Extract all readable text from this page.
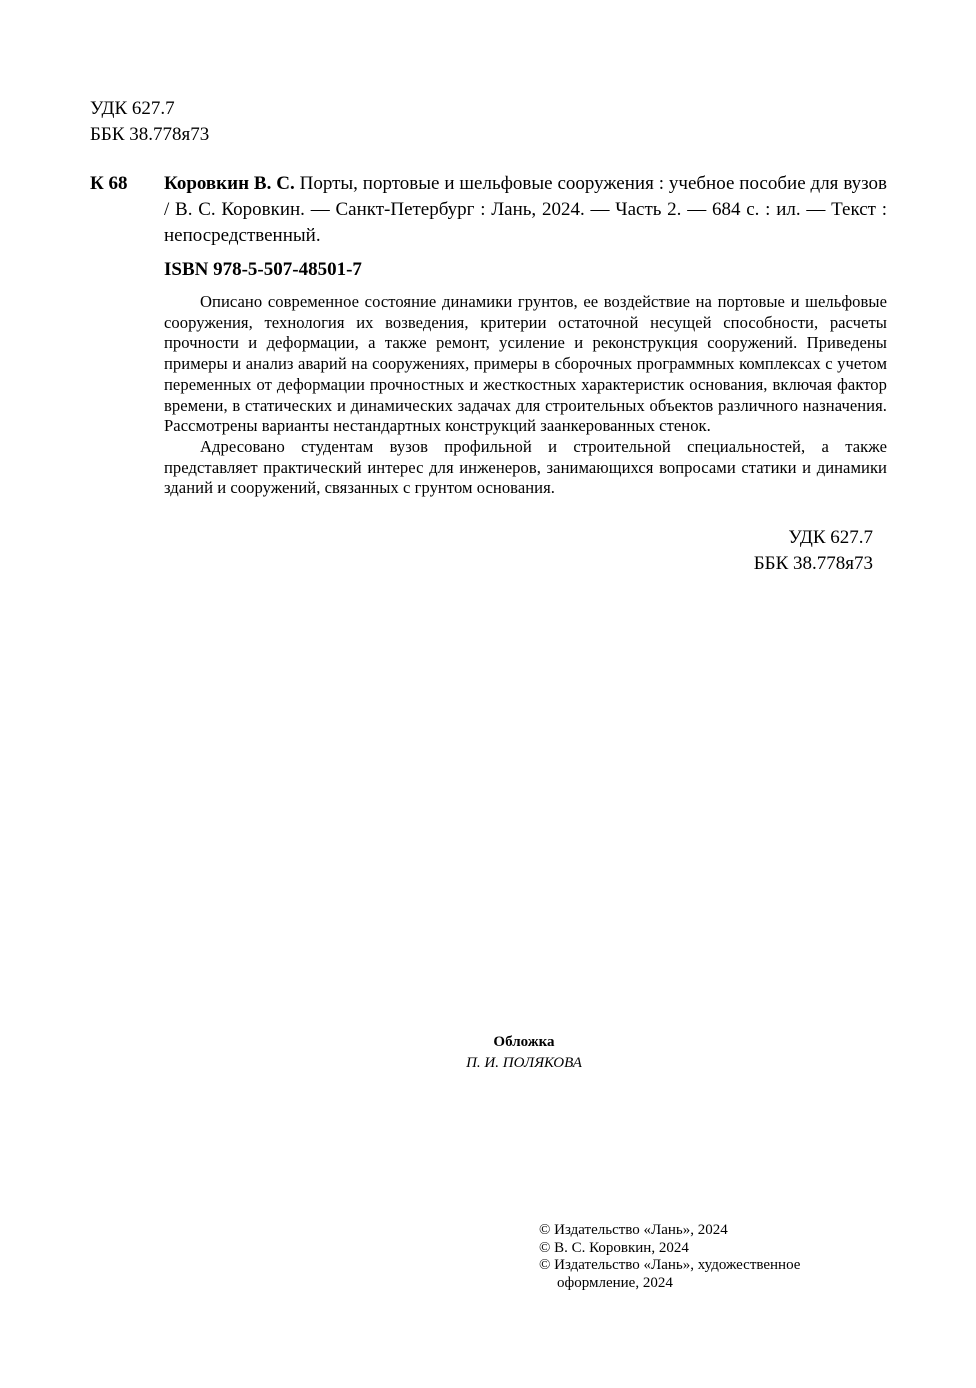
УДК 627.7
ББК 38.778я73
К 68 Коровкин В. С. Порты, портовые и шельфовые сооружения : учебное пособие для вузов / В. С. Коровкин. — Санкт-Петербург : Лань, 2024. — Часть 2. — 684 с. : ил. — Текст : непосредственный.
ISBN 978-5-507-48501-7

Описано современное состояние динамики грунтов, ее воздействие на портовые и шельфовые сооружения, технология их возведения, критерии остаточной несущей способности, расчеты прочности и деформации, а также ремонт, усиление и реконструкция сооружений. Приведены примеры и анализ аварий на сооружениях, примеры в сборочных программных комплексах с учетом переменных от деформации прочностных и жесткостных характеристик основания, включая фактор времени, в статических и динамических задачах для строительных объектов различного назначения. Рассмотрены варианты нестандартных конструкций заанкерованных стенок.

Адресовано студентам вузов профильной и строительной специальностей, а также представляет практический интерес для инженеров, занимающихся вопросами статики и динамики зданий и сооружений, связанных с грунтом основания.

УДК 627.7
ББК 38.778я73
Обложка
П. И. ПОЛЯКОВА
© Издательство «Лань», 2024
© В. С. Коровкин, 2024
© Издательство «Лань», художественное
оформление, 2024
